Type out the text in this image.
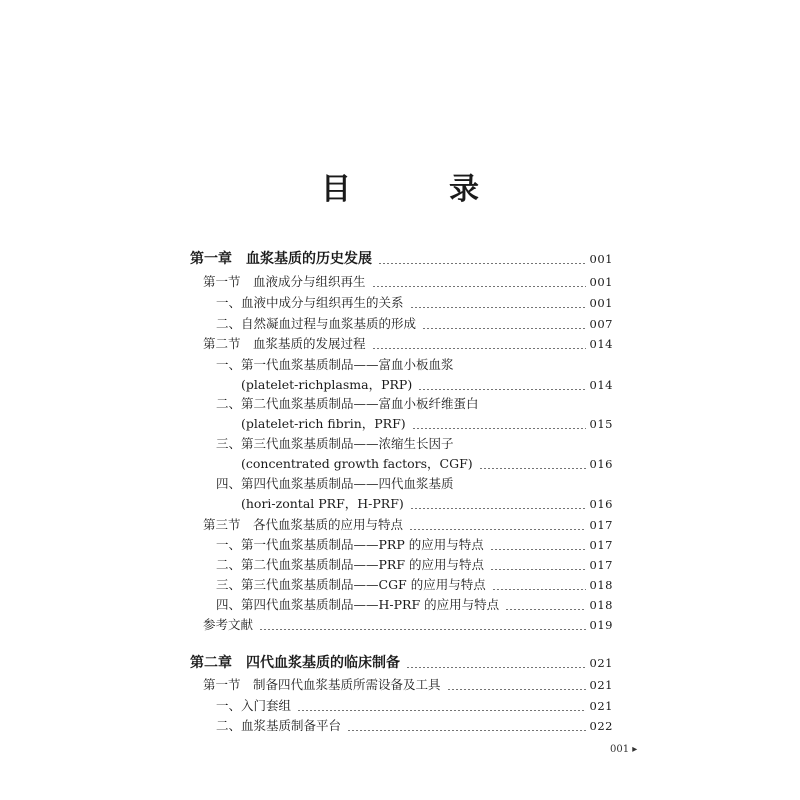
目　录
第一章　血浆基质的历史发展	001
第一节　血液成分与组织再生	001
一、血液中成分与组织再生的关系	001
二、自然凝血过程与血浆基质的形成	007
第二节　血浆基质的发展过程	014
一、第一代血浆基质制品——富血小板血浆
(platelet-richplasma，PRP)	014
二、第二代血浆基质制品——富血小板纤维蛋白
(platelet-rich fibrin，PRF)	015
三、第三代血浆基质制品——浓缩生长因子
(concentrated growth factors，CGF)	016
四、第四代血浆基质制品——四代血浆基质
(hori-zontal PRF，H-PRF)	016
第三节　各代血浆基质的应用与特点	017
一、第一代血浆基质制品——PRP 的应用与特点	017
二、第二代血浆基质制品——PRF 的应用与特点	017
三、第三代血浆基质制品——CGF 的应用与特点	018
四、第四代血浆基质制品——H-PRF 的应用与特点	018
参考文献	019
第二章　四代血浆基质的临床制备	021
第一节　制备四代血浆基质所需设备及工具	021
一、入门套组	021
二、血浆基质制备平台	022
001 ▸
